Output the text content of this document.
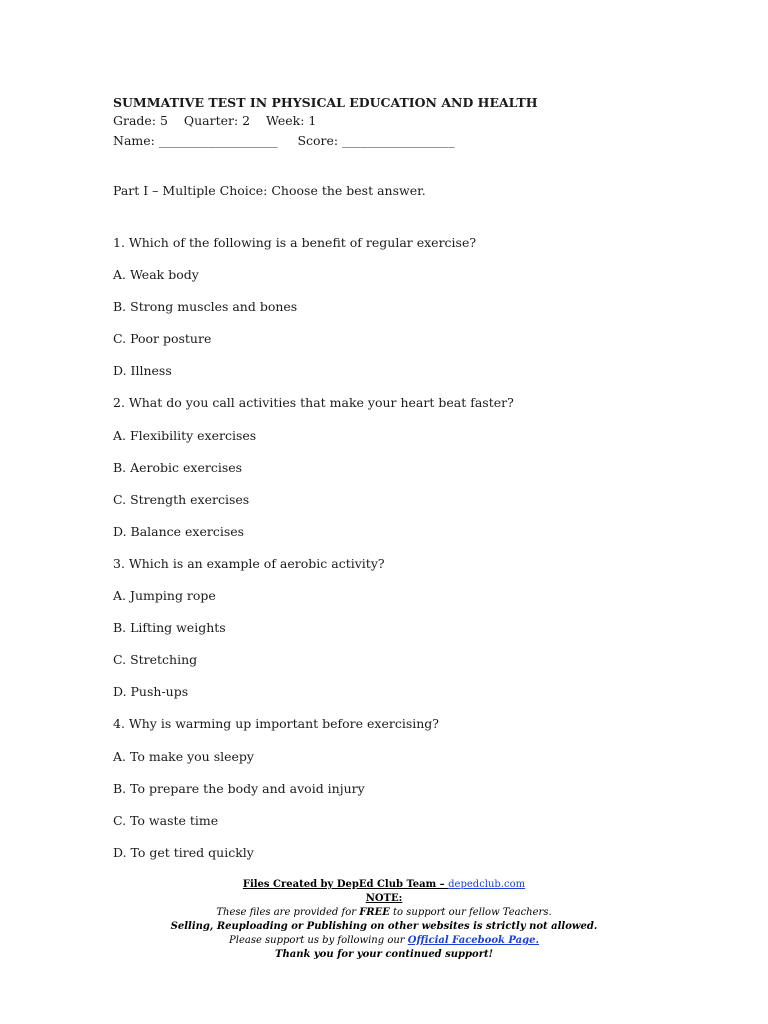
SUMMATIVE TEST IN PHYSICAL EDUCATION AND HEALTH
Grade: 5    Quarter: 2    Week: 1
Name: ___________________     Score: __________________
Part I – Multiple Choice: Choose the best answer.
1. Which of the following is a benefit of regular exercise?
A. Weak body
B. Strong muscles and bones
C. Poor posture
D. Illness
2. What do you call activities that make your heart beat faster?
A. Flexibility exercises
B. Aerobic exercises
C. Strength exercises
D. Balance exercises
3. Which is an example of aerobic activity?
A. Jumping rope
B. Lifting weights
C. Stretching
D. Push-ups
4. Why is warming up important before exercising?
A. To make you sleepy
B. To prepare the body and avoid injury
C. To waste time
D. To get tired quickly
Files Created by DepEd Club Team – depedclub.com
NOTE:
These files are provided for FREE to support our fellow Teachers.
Selling, Reuploading or Publishing on other websites is strictly not allowed.
Please support us by following our Official Facebook Page.
Thank you for your continued support!
